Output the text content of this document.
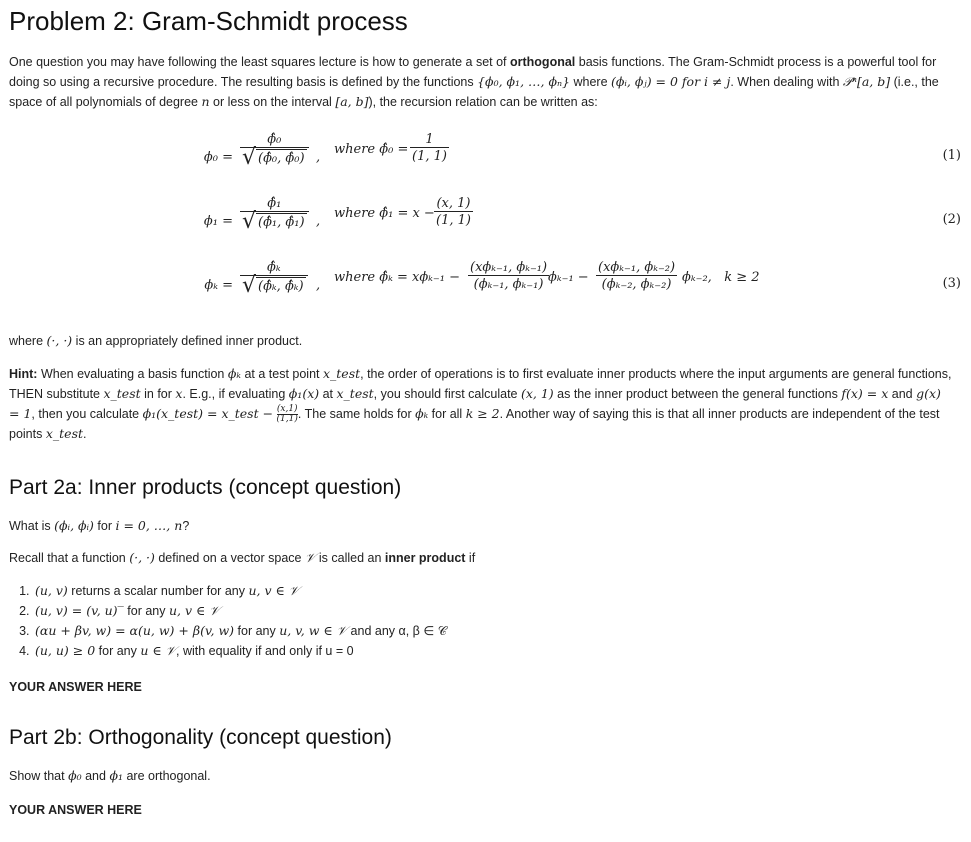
Problem 2: Gram-Schmidt process

One question you may have following the least squares lecture is how to generate a set of orthogonal basis functions. The Gram-Schmidt process is a powerful tool for doing so using a recursive procedure. The resulting basis is defined by the functions {ϕ₀, ϕ₁, …, ϕₙ} where (ϕᵢ, ϕⱼ) = 0 for i ≠ j. When dealing with 𝒫ⁿ[a, b] (i.e., the space of all polynomials of degree n or less on the interval [a, b]), the recursion relation can be written as:

ϕ₀ = ϕ̂₀
√ (ϕ̂₀, ϕ̂₀) ,
where ϕ̂₀ = $\frac{1}{(1, 1)}$	(1)
ϕ₁ = ϕ̂₁
√ (ϕ̂₁, ϕ̂₁) ,
where ϕ̂₁ = $x - \frac{(x, 1)}{(1, 1)}$	(2)
ϕₖ = ϕ̂ₖ
√ (ϕ̂ₖ, ϕ̂ₖ) ,
where ϕ̂ₖ = xϕₖ₋₁ −
(xϕₖ₋₁, ϕₖ₋₁)
(ϕₖ₋₁, ϕₖ₋₁) ϕₖ₋₁ −
(xϕₖ₋₁, ϕₖ₋₂)
(ϕₖ₋₂, ϕₖ₋₂) ϕₖ₋₂,   k ≥ 2	(3)

where (·, ·) is an appropriately defined inner product.

Hint: When evaluating a basis function ϕₖ at a test point x_test, the order of operations is to first evaluate inner products where the input arguments are general functions, THEN substitute x_test in for x. E.g., if evaluating ϕ₁(x) at x_test, you should first calculate (x, 1) as the inner product between the general functions f(x) = x and g(x) = 1, then you calculate ϕ₁(x_test) = x_test − $\frac{(x,1)}{(1,1)}$ . The same holds for ϕₖ for all k ≥ 2. Another way of saying this is that all inner products are independent of the test points x_test.

Part 2a: Inner products (concept question)

What is (ϕᵢ, ϕᵢ) for i = 0, …, n?

Recall that a function (·, ·) defined on a vector space 𝒱 is called an inner product if

1. (u, v) returns a scalar number for any u, v ∈ 𝒱
2. (u, v) = (v, u)‾ for any u, v ∈ 𝒱
3. (αu + βv, w) = α(u, w) + β(v, w) for any u, v, w ∈ 𝒱 and any α, β ∈ 𝒞
4. (u, u) ≥ 0 for any u ∈ 𝒱, with equality if and only if u = 0
YOUR ANSWER HERE
Part 2b: Orthogonality (concept question)

Show that ϕ₀ and ϕ₁ are orthogonal.

YOUR ANSWER HERE
